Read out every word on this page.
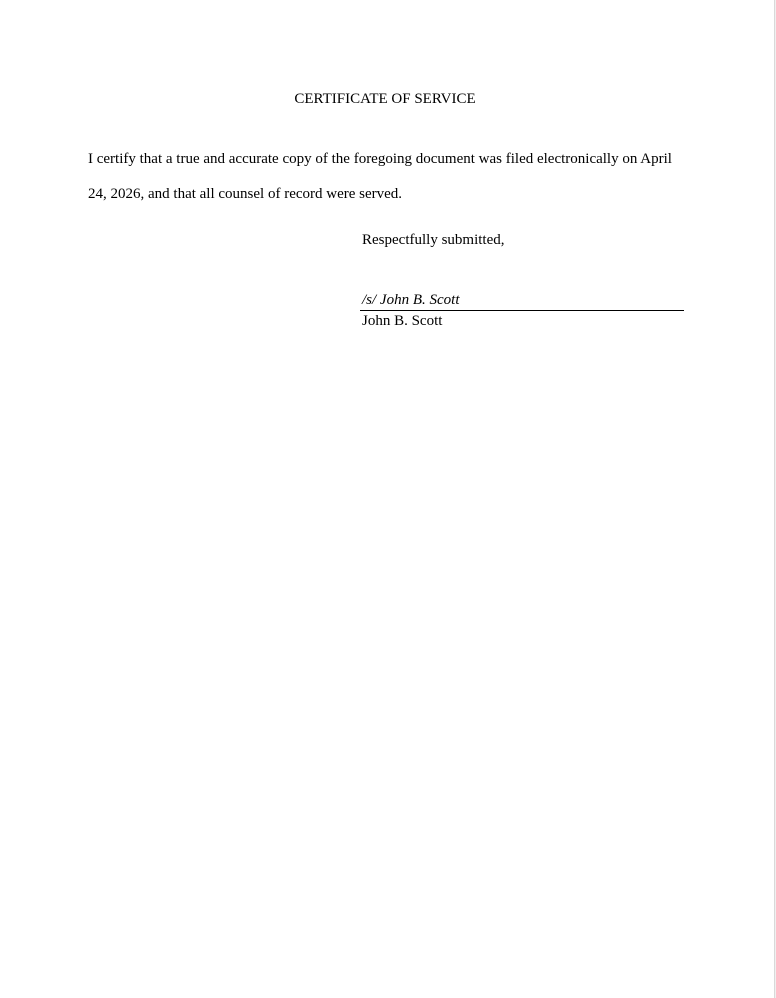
CERTIFICATE OF SERVICE
I certify that a true and accurate copy of the foregoing document was filed electronically on April 24, 2026, and that all counsel of record were served.
Respectfully submitted,
/s/ John B. Scott
John B. Scott
